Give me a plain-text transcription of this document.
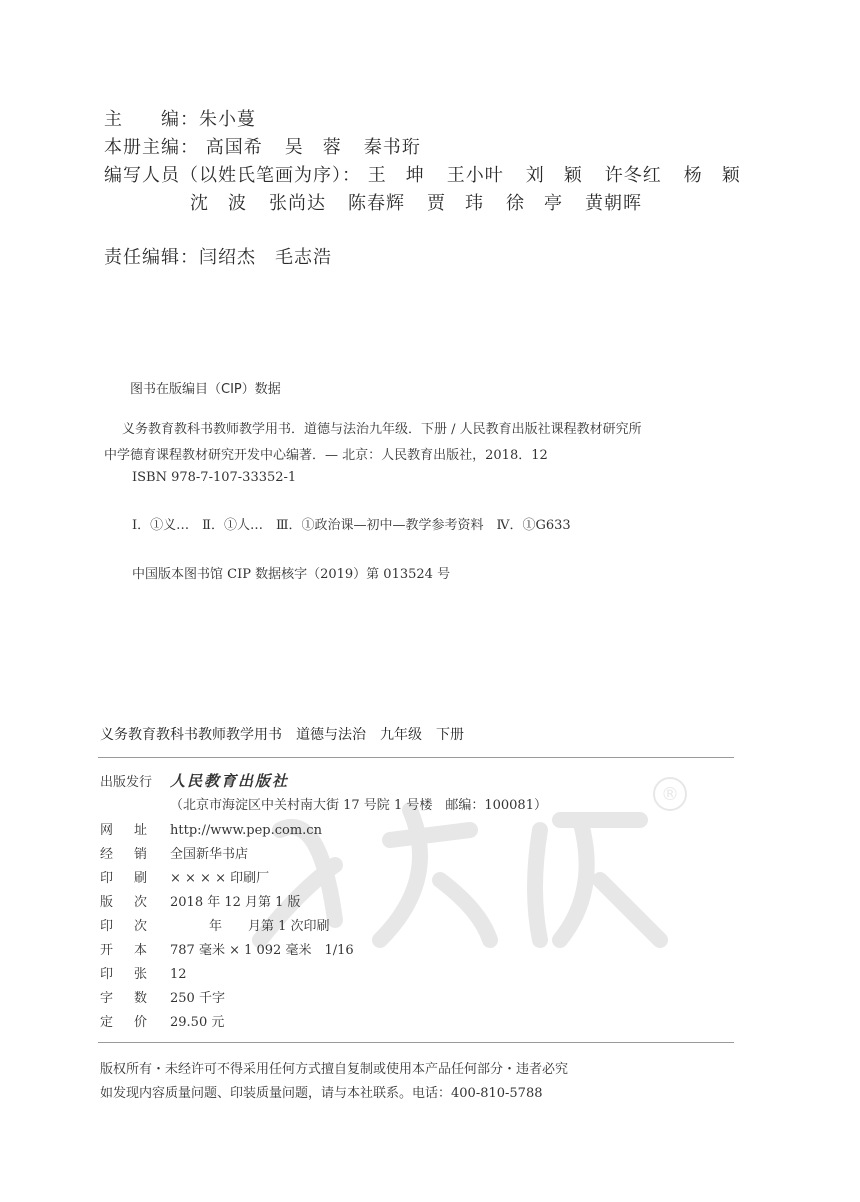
®
主　　编：朱小蔓
本册主编： 高国希 吴　蓉 秦书珩
编写人员（以姓氏笔画为序）： 王　坤 王小叶 刘　颖 许冬红 杨　颖
沈　波 张尚达 陈春辉 贾　玮 徐　亭 黄朝晖
责任编辑：闫绍杰　毛志浩
图书在版编目（CIP）数据
义务教育教科书教师教学用书．道德与法治九年级．下册 / 人民教育出版社课程教材研究所
中学德育课程教材研究开发中心编著．— 北京：人民教育出版社，2018．12
ISBN 978-7-107-33352-1
Ⅰ．①义…　Ⅱ．①人…　Ⅲ．①政治课—初中—教学参考资料　Ⅳ．①G633
中国版本图书馆 CIP 数据核字（2019）第 013524 号
义务教育教科书教师教学用书 道德与法治 九年级 下册
出版发行 人民教育出版社
（北京市海淀区中关村南大街 17 号院 1 号楼　邮编：100081）
网 址 http://www.pep.com.cn
经 销 全国新华书店
印 刷 × × × × 印刷厂
版 次 2018 年 12 月第 1 版
印 次　　　年　　月第 1 次印刷
开 本 787 毫米 × 1 092 毫米　1/16
印 张 12
字 数 250 千字
定 价 29.50 元
版权所有・未经许可不得采用任何方式擅自复制或使用本产品任何部分・违者必究
如发现内容质量问题、印装质量问题，请与本社联系。电话：400-810-5788
